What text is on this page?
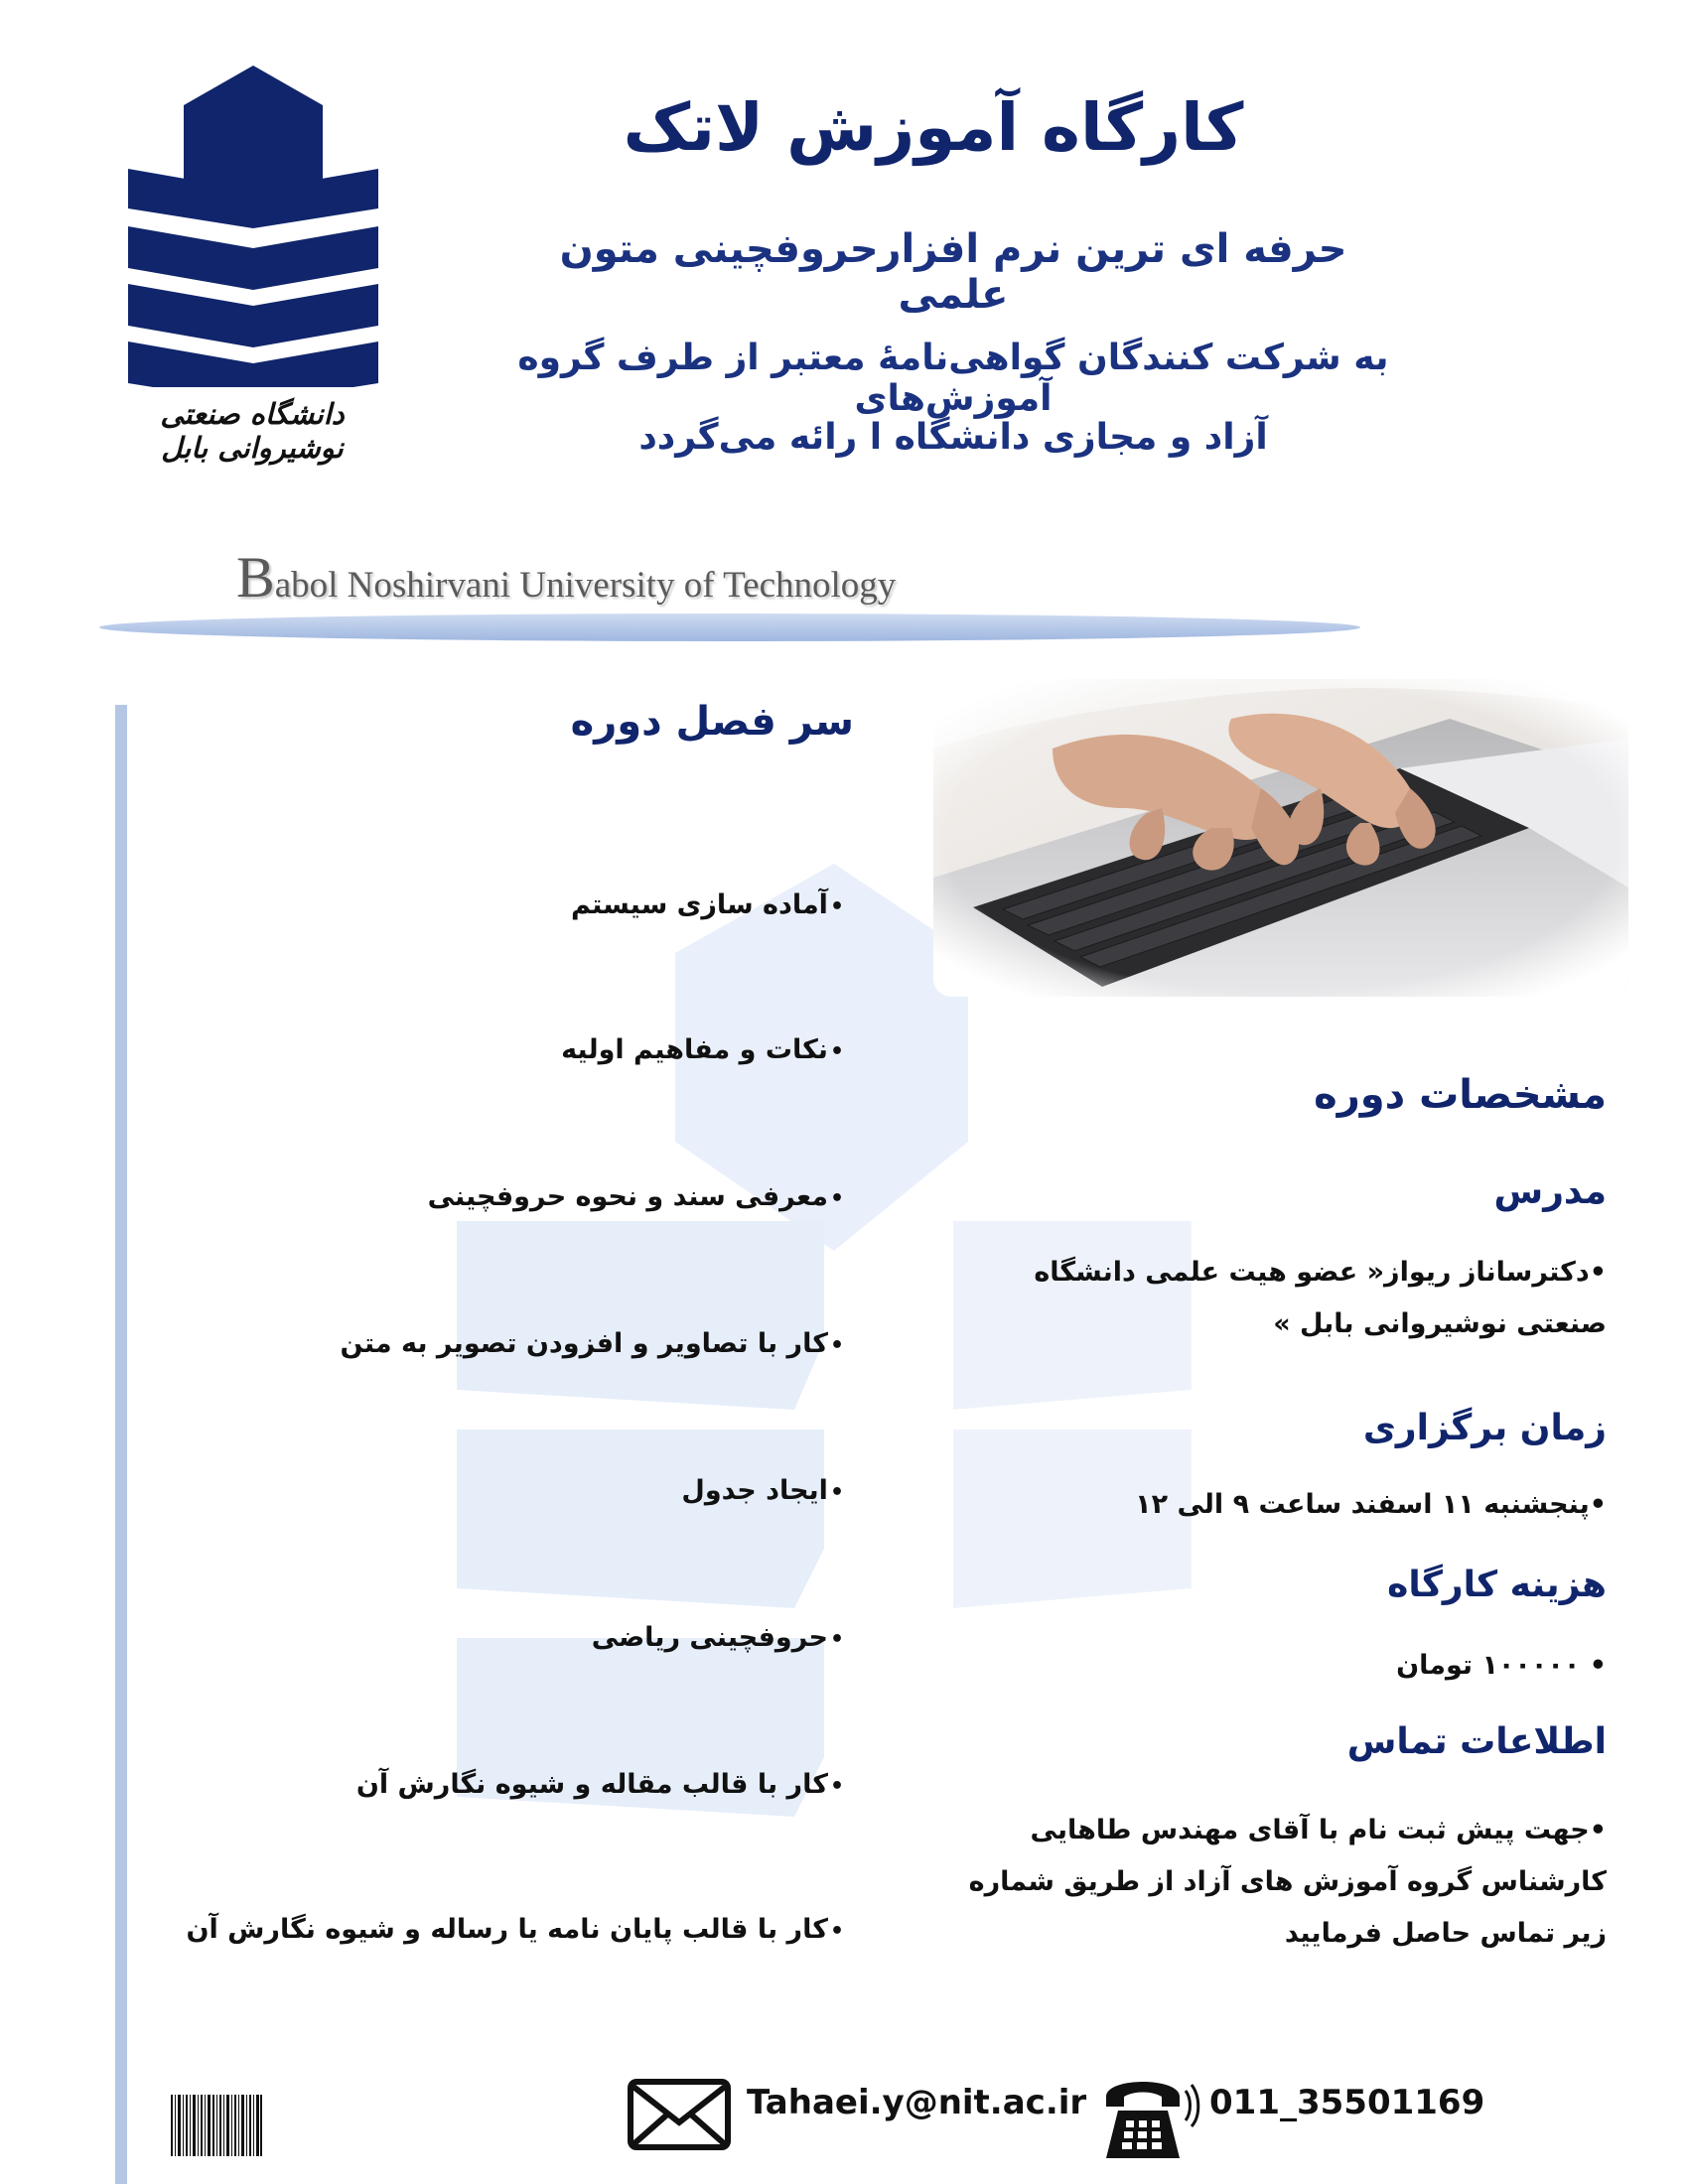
دانشگاه صنعتی نوشیروانی بابل
کارگاه آموزش لاتک
حرفه ای ترین نرم افزارحروفچینی متون علمی
به شرکت کنندگان گواهی‌نامۀ معتبر از طرف گروه آموزش‌های
آزاد و مجازی دانشگاه ا رائه می‌گردد
Babol Noshirvani University of Technology
سر فصل دوره
•آماده سازی سیستم
•نکات و مفاهیم اولیه
•معرفی سند و نحوه حروفچینی
•کار با تصاویر و افزودن تصویر به متن
•ایجاد جدول
•حروفچینی ریاضی
•کار با قالب مقاله و شیوه نگارش آن
•کار با قالب پایان نامه یا رساله و شیوه نگارش آن
مشخصات دوره
مدرس
•دکترساناز ریواز« عضو هیت علمی دانشگاه
صنعتی نوشیروانی بابل »
زمان برگزاری
•پنجشنبه ۱۱ اسفند ساعت ۹ الی ۱۲
هزینه کارگاه
• ۱۰۰۰۰۰ تومان
اطلاعات تماس
•جهت پیش ثبت نام با آقای مهندس طاهایی
کارشناس گروه آموزش های آزاد از طریق شماره
زیر تماس حاصل فرمایید
Tahaei.y@nit.ac.ir	011_35501169
